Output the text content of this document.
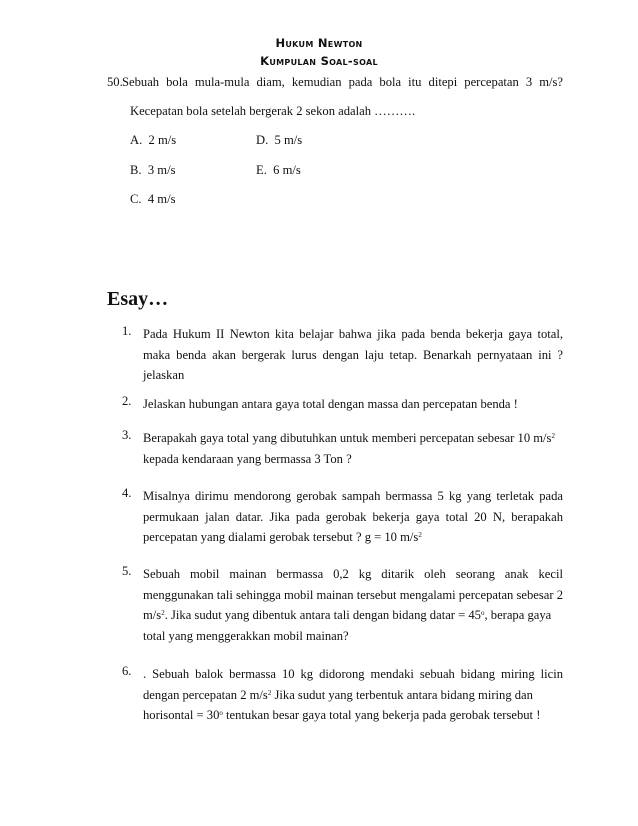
Hukum Newton
Kumpulan Soal-soal
50. Sebuah bola mula-mula diam, kemudian pada bola itu ditepi percepatan 3 m/s?
Kecepatan bola setelah bergerak 2 sekon adalah ……….
A. 2 m/s
B. 3 m/s
C. 4 m/s
D. 5 m/s
E. 6 m/s
Esay…
1. Pada Hukum II Newton kita belajar bahwa jika pada benda bekerja gaya total,
maka benda akan bergerak lurus dengan laju tetap. Benarkah pernyataan ini ?
jelaskan
2. Jelaskan hubungan antara gaya total dengan massa dan percepatan benda !
3. Berapakah gaya total yang dibutuhkan untuk memberi percepatan sebesar 10 $m/s^2$
kepada kendaraan yang bermassa 3 Ton ?
4. Misalnya dirimu mendorong gerobak sampah bermassa 5 kg yang terletak pada
permukaan jalan datar. Jika pada gerobak bekerja gaya total 20 N, berapakah
percepatan yang dialami gerobak tersebut ? g = 10 $m/s^2$
5. Sebuah mobil mainan bermassa 0,2 kg ditarik oleh seorang anak kecil
menggunakan tali sehingga mobil mainan tersebut mengalami percepatan sebesar 2
$m/s^2$. Jika sudut yang dibentuk antara tali dengan bidang datar = $45^o$, berapa gaya
total yang menggerakkan mobil mainan?
6. . Sebuah balok bermassa 10 kg didorong mendaki sebuah bidang miring licin
dengan percepatan 2 $m/s^2$ Jika sudut yang terbentuk antara bidang miring dan
horisontal = $30^o$ tentukan besar gaya total yang bekerja pada gerobak tersebut !
